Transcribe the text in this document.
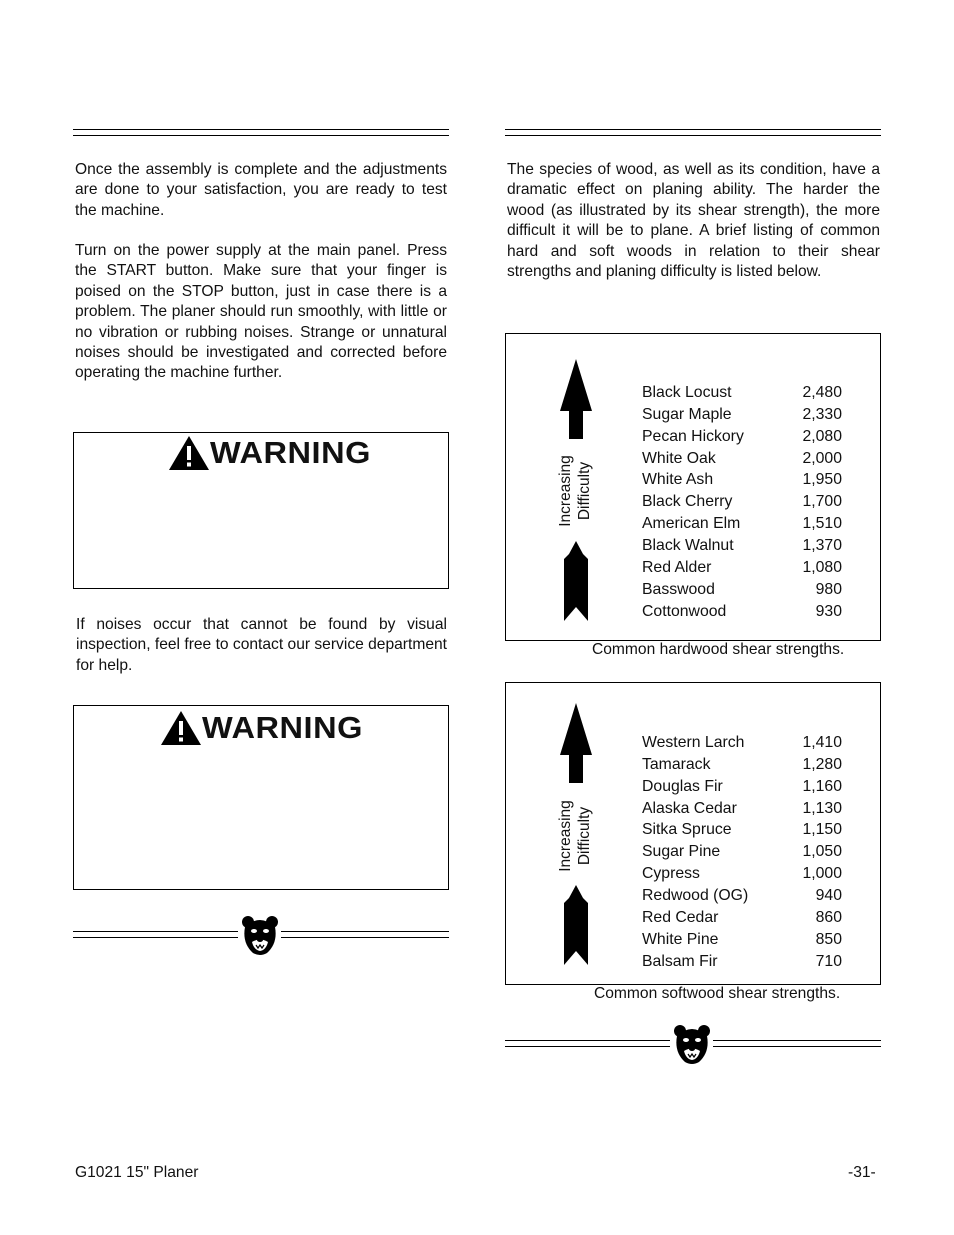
Once the assembly is complete and the adjustments are done to your satisfaction, you are ready to test the machine.

Turn on the power supply at the main panel. Press the START button. Make sure that your finger is poised on the STOP button, just in case there is a problem. The planer should run smoothly, with little or no vibration or rubbing noises. Strange or unnatural noises should be investigated and corrected before operating the machine further.

WARNING

If noises occur that cannot be found by visual inspection, feel free to contact our service department for help.

WARNING

The species of wood, as well as its condition, have a dramatic effect on planing ability. The harder the wood (as illustrated by its shear strength), the more difficult it will be to plane. A brief listing of common hard and soft woods in relation to their shear strengths and planing difficulty is listed below.

Increasing Difficulty
Black Locust	2,480
Sugar Maple	2,330
Pecan Hickory	2,080
White Oak	2,000
White Ash	1,950
Black Cherry	1,700
American Elm	1,510
Black Walnut	1,370
Red Alder	1,080
Basswood	980
Cottonwood	930
Common hardwood shear strengths.
Increasing Difficulty
Western Larch	1,410
Tamarack	1,280
Douglas Fir	1,160
Alaska Cedar	1,130
Sitka Spruce	1,150
Sugar Pine	1,050
Cypress	1,000
Redwood (OG)	940
Red Cedar	860
White Pine	850
Balsam Fir	710
Common softwood shear strengths.
G1021 15" Planer	-31-
